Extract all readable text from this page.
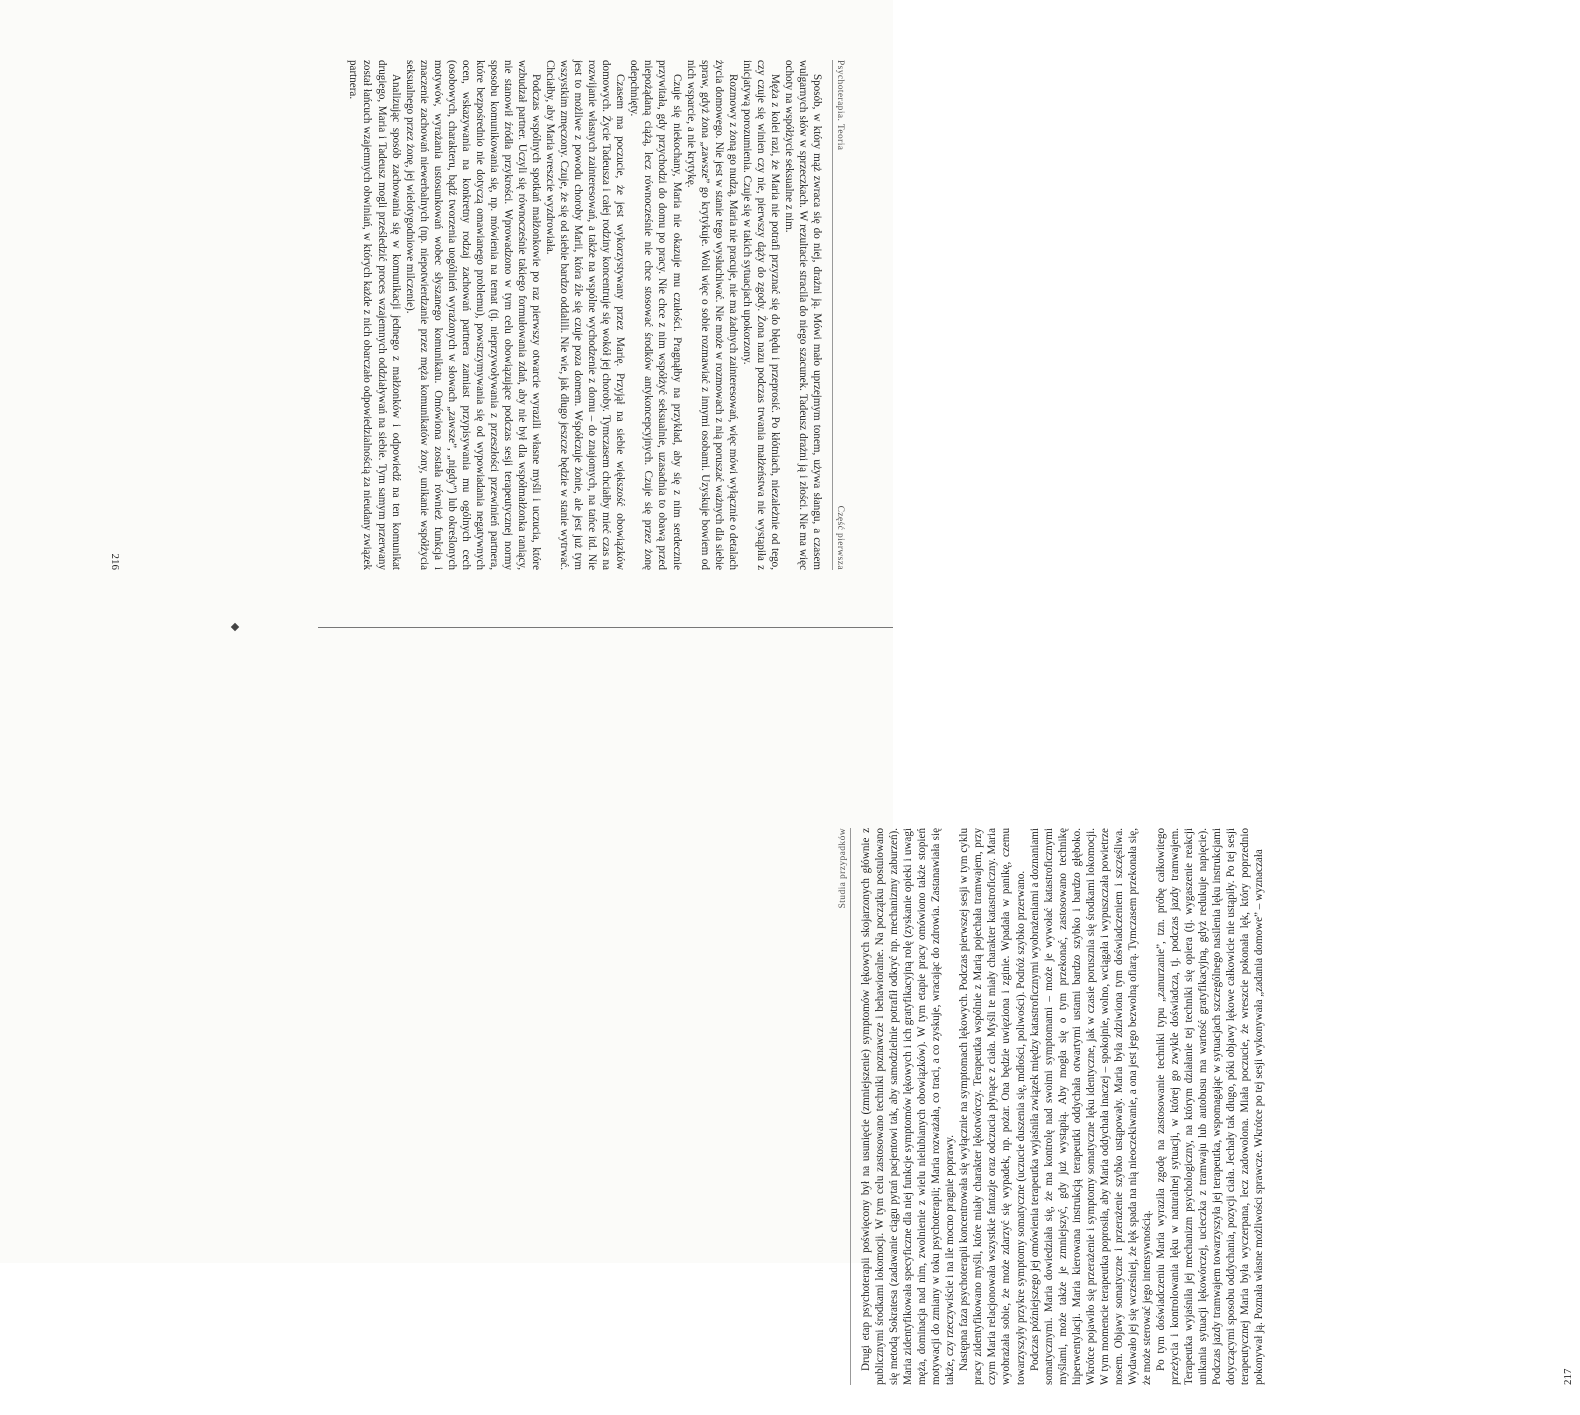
Psychoterapia. Teoria
Część pierwsza

Sposób, w który mąż zwraca się do niej, drażni ją. Mówi mało uprzejmym tonem, używa słangu, a czasem wulgarnych słów w sprzeczkach. W rezultacie stracila do niego szacunek. Tadeusz drażni ją i złości. Nie ma więc ochoty na współżycie seksualne z nim.

Męża z kolei razi, że Maria nie potrafi przyznać się do błędu i przeprosić. Po kłótniach, niezależnie od tego, czy czuje się winien czy nie, pierwszy dąży do zgody. Żona nazu podczas trwania małżeństwa nie wystąpiła z inicjatywą porozumienia. Czuje się w takich sytuacjach upokorzony.

Rozmowy z żoną go nudzą, Maria nie pracuje, nie ma żadnych zainteresowań, więc mówi wyłącznie o detalach życia domowego. Nie jest w stanie tego wysłuchiwać. Nie może w rozmowach z nią poruszać ważnych dla siebie spraw, gdyż żona „zawsze” go krytykuje. Woli więc o sobie rozmawiać z innymi osobami. Uzyskuje bowiem od nich wsparcie, a nie krytykę.

Czuje się niekochany, Maria nie okazuje mu czułości. Pragnąłby na przykład, aby się z nim serdecznie przywitała, gdy przychodzi do domu po pracy. Nie chce z nim współżyć seksualnie, uzasadnia to obawą przed niepożądaną ciążą, lecz równocześnie nie chce stosować środków antykoncepcyjnych. Czuje się przez żonę odepchnięty.

Czasem ma poczucie, że jest wykorzystywany przez Marię. Przyjął na siebie większość obowiązków domowych. Życie Tadeusza i całej rodziny koncentruje się wokół jej choroby. Tymczasem chciałby mieć czas na rozwijanie własnych zainteresowań, a także na wspólne wychodzenie z domu – do znajomych, na tańce itd. Nie jest to możliwe z powodu choroby Marii, która źle się czuje poza domem. Współczuje żonie, ale jest już tym wszystkim zmęczony. Czuje, że się od siebie bardzo oddalili. Nie wie, jak długo jeszcze będzie w stanie wytrwać. Chciałby, aby Maria wreszcie wyzdrowiała.

Podczas wspólnych spotkań małżonkowie po raz pierwszy otwarcie wyrazili własne myśli i uczucia, które wzbudzał partner. Uczyli się równocześnie takiego formułowania zdań, aby nie był dla współmałżonka raniący, nie stanowił źródła przykrości. Wprowadzono w tym celu obowiązujące podczas sesji terapeutycznej normy sposobu komunikowania się, np. mówienia na temat (tj. nieprzywoływania z przeszłości przewinień partnera, które bezpośrednio nie dotyczą omawianego problemu), powstrzymywania się od wypowiadania negatywnych ocen, wskazywania na konkretny rodzaj zachowań partnera zamiast przypisywania mu ogólnych cech (osobowych, charakteru, bądź tworzenia uogólnień wyrażonych w słowach „zawsze”, „nigdy”) lub określonych motywów, wyrażania ustosunkowań wobec słyszanego komunikatu. Omówiona została również funkcja i znaczenie zachowań niewerbalnych (np. niepotwierdzanie przez męża komunikatów żony, unikanie współżycia seksualnego przez żonę, jej wielotygodniowe milczenie).

Analizując sposób zachowania się w komunikacji jednego z małżonków i odpowiedź na ten komunikat drugiego, Maria i Tadeusz mogli prześledzić proces wzajemnych oddziaływań na siebie. Tym samym przerwany został łańcuch wzajemnych obwiniań, w których każde z nich obarczało odpowiedzialnością za nieudany związek partnera.

216
Studia przypadków Drugi etap psychoterapii poświęcony był na usunięcie (zmniejszenie) symptomów lękowych skojarzonych głównie z publicznymi środkami lokomocji. W tym celu zastosowano techniki poznawcze i behawioralne. Na początku postulowano się metodą Sokratesa (zadawanie ciągu pytań pacjentowi tak, aby samodzielnie potrafił odkryć np. mechanizmy zaburzeń). Maria zidentyfikowała specyficzne dla niej funkcje symptomów lękowych i ich gratyfikacyjną rolę (zyskanie opieki i uwagi męża, dominacja nad nim, zwolnienie z wielu nielubianych obowiązków). W tym etapie pracy omówiono także stopień motywacji do zmiany w toku psychoterapii; Maria rozważała, co traci, a co zyskuje, wracając do zdrowia. Zastanawiała się także, czy rzeczywiście i na ile mocno pragnie poprawy. Następna faza psychoterapii koncentrowała się wyłącznie na symptomach lękowych. Podczas pierwszej sesji w tym cyklu pracy zidentyfikowano myśli, które miały charakter lękotwórczy. Terapeutka wspólnie z Marią pojechała tramwajem, przy czym Maria relacjonowała wszystkie fantazje oraz odczucia płynące z ciała. Myśli te miały charakter katastroficzny. Maria wyobrażała sobie, że może zdarzyć się wypadek, np. pożar. Ona będzie uwięziona i zginie. Wpadała w panikę, czemu towarzyszyły przykre symptomy somatyczne (uczucie duszenia się, mdłości, poliwości). Podróż szybko przerwano. Podczas późniejszego jej omówienia terapeutka wyjaśniła związek między katastroficznymi wyobrażeniami a doznaniami somatycznymi. Maria dowiedziała się, że ma kontrolę nad swoimi symptomami – może je wywołać katastroficznymi myślami, może także je zmniejszyć, gdy już wystąpią. Aby mogła się o tym przekonać, zastosowano technikę hiperwentylacji. Maria kierowana instrukcją terapeutki oddychała otwartymi ustami bardzo szybko i bardzo głęboko. Wkrótce pojawiło się przerażenie i symptomy somatyczne lęku identyczne, jak w czasie porusznia się środkami lokomocji. W tym momencie terapeutka poprosiła, aby Maria oddychała inaczej – spokojnie, wolno, wciągała i wypuszczała powietrze nosem. Objawy somatyczne i przerażenie szybko ustąpowały. Maria była zdziwiona tym doświadczeniem i szczęśliwa. Wydawało jej się wcześniej, że lęk spada na nią nieoczekiwanie, a ona jest jego bezwolną ofiarą. Tymczasem przekonała się, że może sterować jego intensywnością. Po tym doświadczeniu Maria wyraziła zgodę na zastosowanie techniki typu „zanurzanie”, tzn. próbę całkowitego przeżycia i kontrolowania lęku w naturalnej sytuacji, w której go zwykle doświadcza, tj. podczas jazdy tramwajem. Terapeutka wyjaśniła jej mechanizm psychologiczny, na którym działanie tej techniki się opiera (tj. wygaszenie reakcji unikania sytuacji lękowórczej, ucieczka z tramwaju lub autobusu ma wartość gratyfikacyjną, gdyż redukuje napięcie). Podczas jazdy tramwajem towarzyszyła jej terapeutka, wspomagając w sytuacjach szczególnego nasilenia lęku instrukcjami dotyczącymi sposobu oddychania, pozycji ciała. Jechały tak długo, póki objawy lękowe całkowicie nie ustąpiły. Po tej sesji terapeutycznej Maria była wyczerpana, lecz zadowolona. Miała poczucie, że wreszcie pokonała lęk, który poprzednio pokonywał ją. Poznała własne możliwości sprawcze. Wkrótce po tej sesji wykonywała „zadania domowe” – wyznaczała	217
